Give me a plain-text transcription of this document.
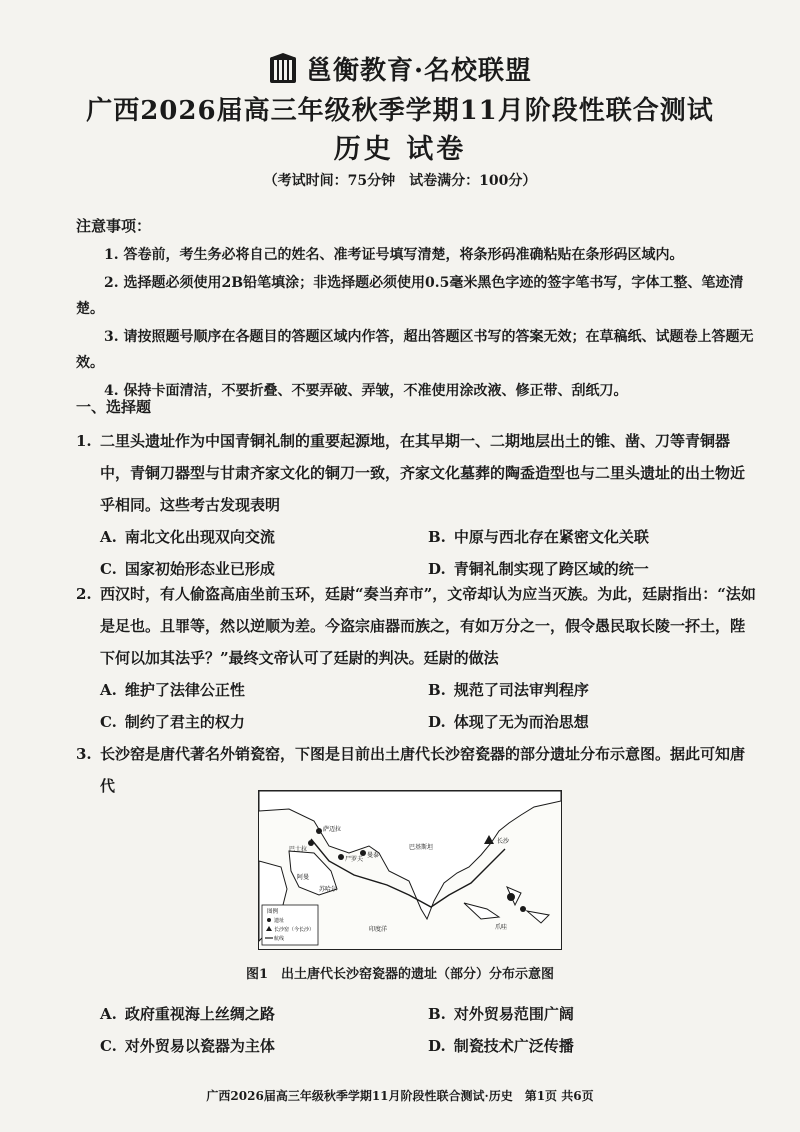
邕衡教育·名校联盟
广西2026届高三年级秋季学期11月阶段性联合测试
历史 试卷
（考试时间：75分钟　试卷满分：100分）
注意事项：

1. 答卷前，考生务必将自己的姓名、准考证号填写清楚，将条形码准确粘贴在条形码区域内。

2. 选择题必须使用2B铅笔填涂；非选择题必须使用0.5毫米黑色字迹的签字笔书写，字体工整、笔迹清楚。

3. 请按照题号顺序在各题目的答题区域内作答，超出答题区书写的答案无效；在草稿纸、试题卷上答题无效。

4. 保持卡面清洁，不要折叠、不要弄破、弄皱，不准使用涂改液、修正带、刮纸刀。

一、选择题
1. 二里头遗址作为中国青铜礼制的重要起源地，在其早期一、二期地层出土的锥、凿、刀等青铜器中，青铜刀器型与甘肃齐家文化的铜刀一致，齐家文化墓葬的陶盉造型也与二里头遗址的出土物近乎相同。这些考古发现表明
A. 南北文化出现双向交流	B. 中原与西北存在紧密文化关联
C. 国家初始形态业已形成	D. 青铜礼制实现了跨区域的统一
2. 西汉时，有人偷盗高庙坐前玉环，廷尉“奏当弃市”，文帝却认为应当灭族。为此，廷尉指出：“法如是足也。且罪等，然以逆顺为差。今盗宗庙器而族之，有如万分之一，假令愚民取长陵一抔土，陛下何以加其法乎？”最终文帝认可了廷尉的判决。廷尉的做法
A. 维护了法律公正性	B. 规范了司法审判程序
C. 制约了君主的权力	D. 体现了无为而治思想
3. 长沙窑是唐代著名外销瓷窑，下图是目前出土唐代长沙窑瓷器的部分遗址分布示意图。据此可知唐代
萨迈拉
巴士拉
尸罗夫
曼泰
巴基斯坦
长沙
爪哇
阿曼
苏哈尔
印度洋
图例
遗址
长沙窑（今长沙）
航线
图1　出土唐代长沙窑瓷器的遗址（部分）分布示意图
A. 政府重视海上丝绸之路	B. 对外贸易范围广阔
C. 对外贸易以瓷器为主体	D. 制瓷技术广泛传播
广西2026届高三年级秋季学期11月阶段性联合测试·历史　第1页 共6页
